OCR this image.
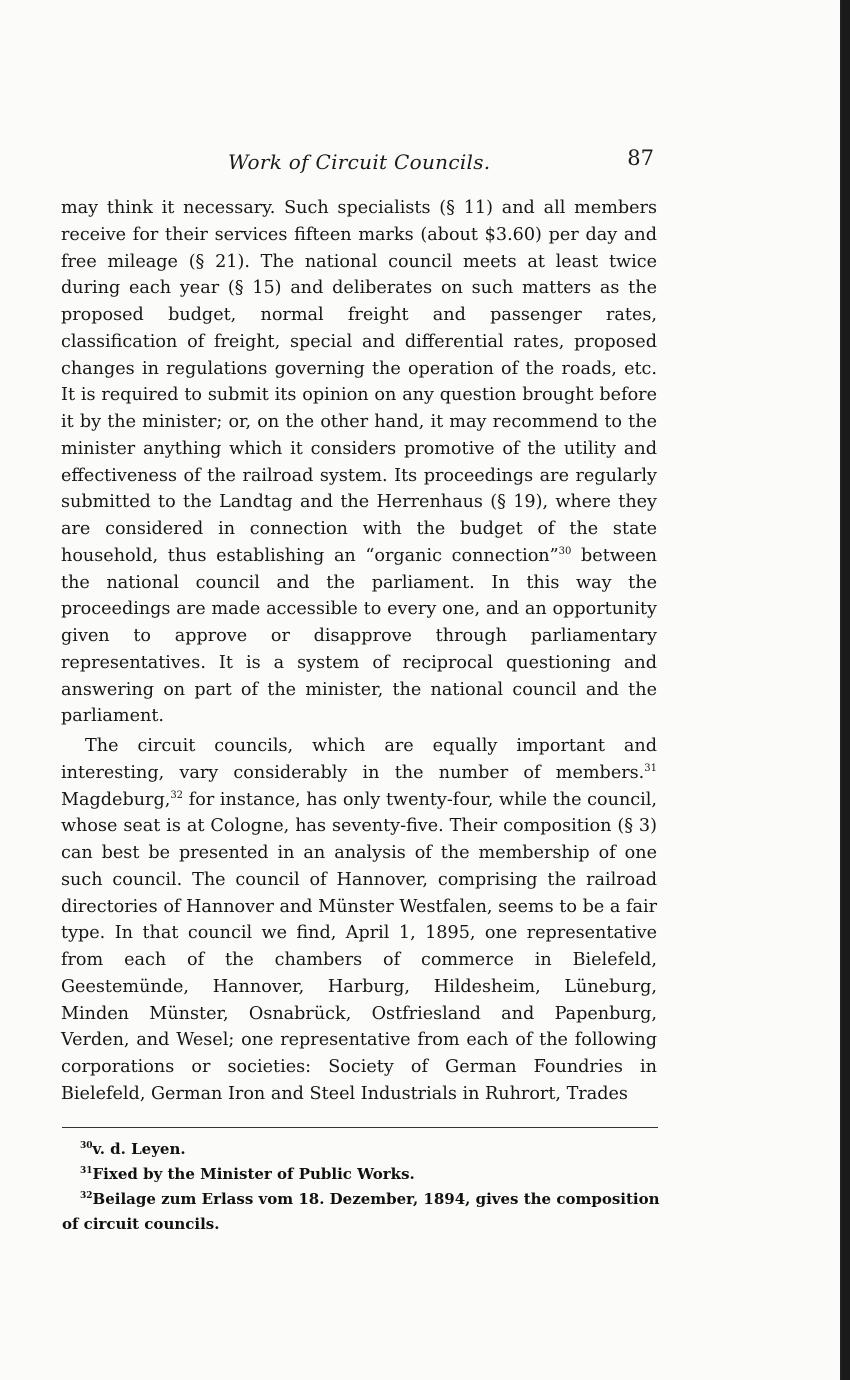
Work of Circuit Councils.	87

may think it necessary. Such specialists (§ 11) and all members receive for their services fifteen marks (about $3.60) per day and free mileage (§ 21). The national council meets at least twice during each year (§ 15) and deliberates on such matters as the proposed budget, normal freight and passenger rates, classification of freight, special and differential rates, proposed changes in regulations governing the operation of the roads, etc. It is required to submit its opinion on any question brought before it by the minister; or, on the other hand, it may recommend to the minister anything which it considers promotive of the utility and effectiveness of the railroad system. Its proceedings are regularly submitted to the Landtag and the Herrenhaus (§ 19), where they are considered in connection with the budget of the state household, thus establishing an “organic connection”$^{30}$ between the national council and the parliament. In this way the proceedings are made accessible to every one, and an opportunity given to approve or disapprove through parliamentary representatives. It is a system of reciprocal questioning and answering on part of the minister, the national council and the parliament.

The circuit councils, which are equally important and interesting, vary considerably in the number of members.$^{31}$ Magdeburg,$^{32}$ for instance, has only twenty-four, while the council, whose seat is at Cologne, has seventy-five. Their composition (§ 3) can best be presented in an analysis of the membership of one such council. The council of Hannover, comprising the railroad directories of Hannover and Münster Westfalen, seems to be a fair type. In that council we find, April 1, 1895, one representative from each of the chambers of commerce in Bielefeld, Geestemünde, Hannover, Harburg, Hildesheim, Lüneburg, Minden Münster, Osnabrück, Ostfriesland and Papenburg, Verden, and Wesel; one representative from each of the following corporations or societies: Society of German Foundries in Bielefeld, German Iron and Steel Industrials in Ruhrort, Trades

$^{30}$v. d. Leyen.

$^{31}$Fixed by the Minister of Public Works.

$^{32}$Beilage zum Erlass vom 18. Dezember, 1894, gives the composition of circuit councils.
